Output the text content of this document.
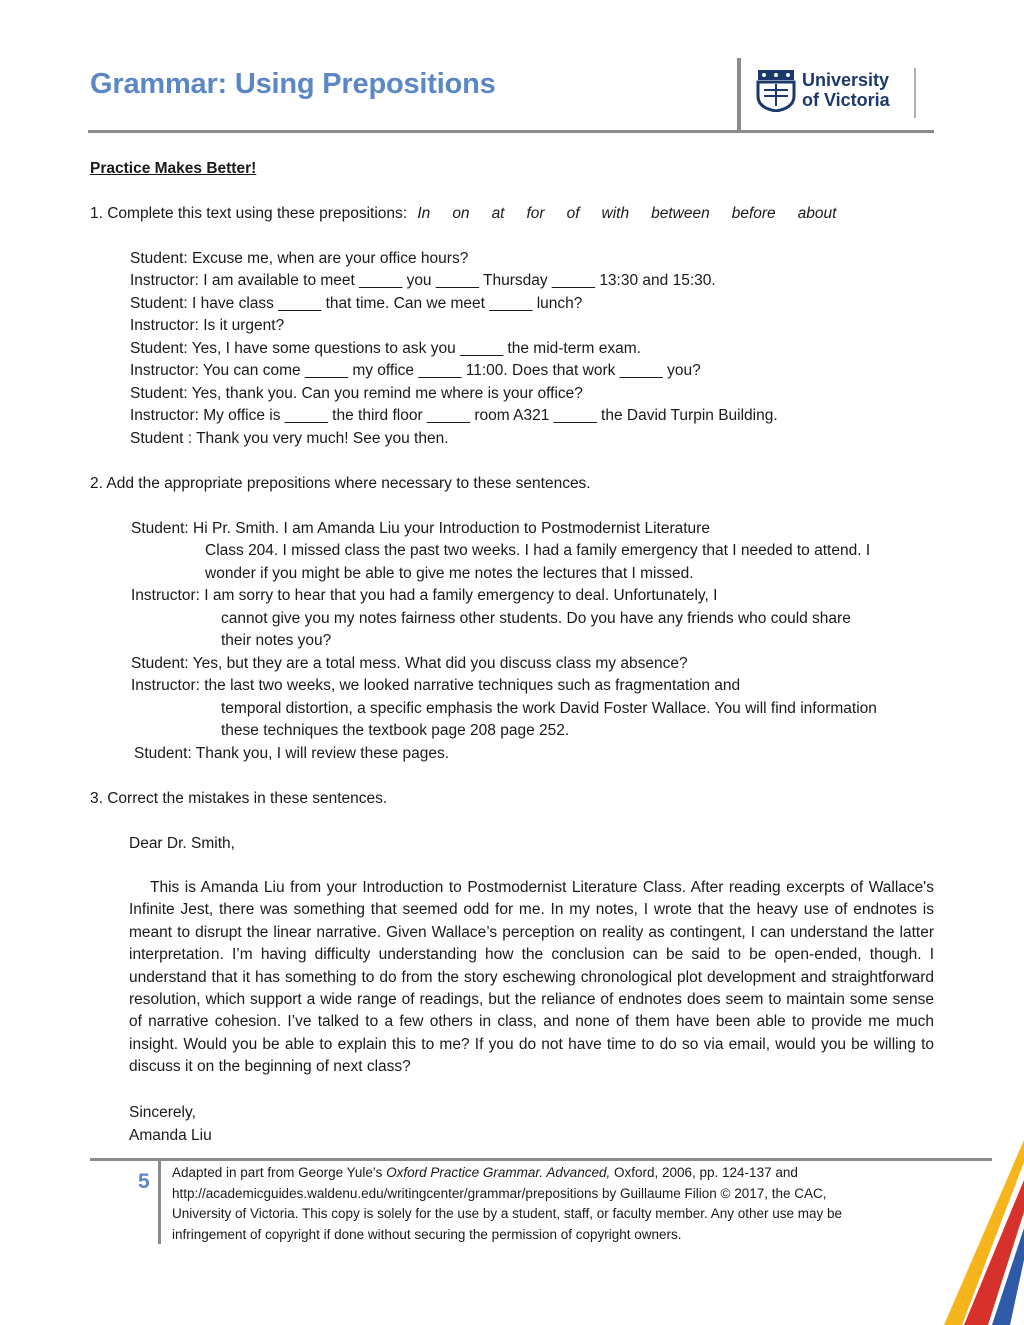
Grammar: Using Prepositions	University
of Victoria
Practice Makes Better!
1. Complete this text using these prepositions: In on at for of with between before about
Student: Excuse me, when are your office hours?
Instructor: I am available to meet _____ you _____ Thursday _____ 13:30 and 15:30.
Student: I have class _____ that time. Can we meet _____ lunch?
Instructor: Is it urgent?
Student: Yes, I have some questions to ask you _____ the mid-term exam.
Instructor: You can come _____ my office _____ 11:00. Does that work _____ you?
Student: Yes, thank you. Can you remind me where is your office?
Instructor: My office is _____ the third floor _____ room A321 _____ the David Turpin Building.
Student : Thank you very much! See you then.
2. Add the appropriate prepositions where necessary to these sentences.
Student: Hi Pr. Smith. I am Amanda Liu your Introduction to Postmodernist Literature
Class 204. I missed class the past two weeks. I had a family emergency that I needed to attend. I
wonder if you might be able to give me notes the lectures that I missed.
Instructor: I am sorry to hear that you had a family emergency to deal. Unfortunately, I
cannot give you my notes fairness other students. Do you have any friends who could share
their notes you?
Student: Yes, but they are a total mess. What did you discuss class my absence?
Instructor: the last two weeks, we looked narrative techniques such as fragmentation and
temporal distortion, a specific emphasis the work David Foster Wallace. You will find information
these techniques the textbook page 208 page 252.
Student: Thank you, I will review these pages.
3. Correct the mistakes in these sentences.
Dear Dr. Smith,
This is Amanda Liu from your Introduction to Postmodernist Literature Class. After reading excerpts of Wallace's Infinite Jest, there was something that seemed odd for me. In my notes, I wrote that the heavy use of endnotes is meant to disrupt the linear narrative. Given Wallace’s perception on reality as contingent, I can understand the latter interpretation. I’m having difficulty understanding how the conclusion can be said to be open-ended, though. I understand that it has something to do from the story eschewing chronological plot development and straightforward resolution, which support a wide range of readings, but the reliance of endnotes does seem to maintain some sense of narrative cohesion. I’ve talked to a few others in class, and none of them have been able to provide me much insight. Would you be able to explain this to me? If you do not have time to do so via email, would you be willing to discuss it on the beginning of next class?
Sincerely,
Amanda Liu
5 Adapted in part from George Yule’s Oxford Practice Grammar. Advanced, Oxford, 2006, pp. 124-137 and
http://academicguides.waldenu.edu/writingcenter/grammar/prepositions by Guillaume Filion © 2017, the CAC,
University of Victoria. This copy is solely for the use by a student, staff, or faculty member. Any other use may be
infringement of copyright if done without securing the permission of copyright owners.
